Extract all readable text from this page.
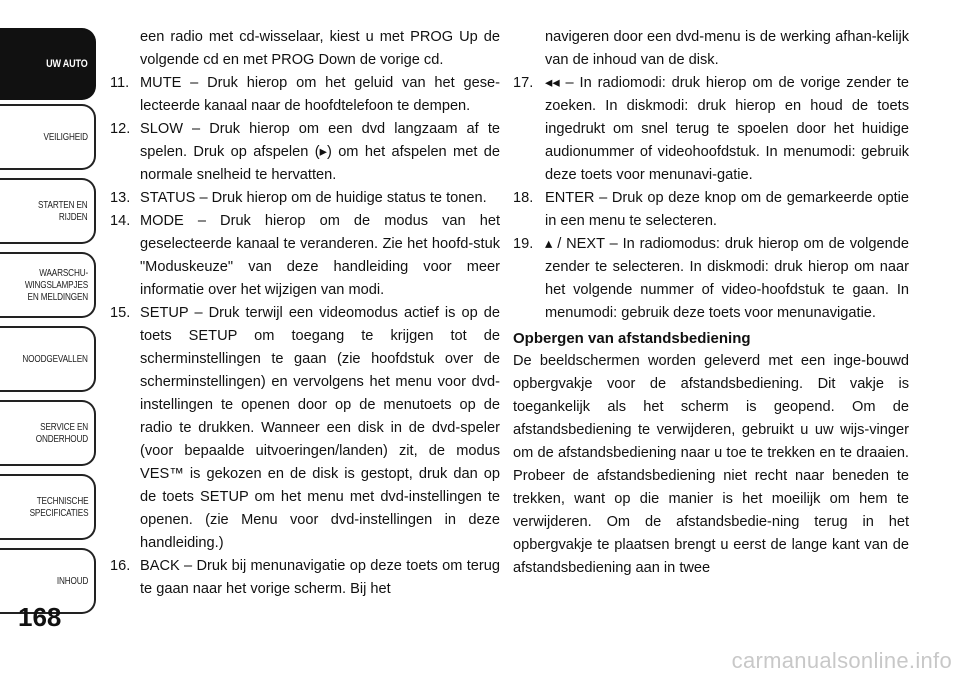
UW AUTO
VEILIGHEID
STARTEN EN
RIJDEN
WAARSCHU-
WINGSLAMPJES
EN MELDINGEN
NOODGEVALLEN
SERVICE EN
ONDERHOUD
TECHNISCHE
SPECIFICATIES
INHOUD
168

een radio met cd-wisselaar, kiest u met PROG Up de volgende cd en met PROG Down de vorige cd.

11. MUTE – Druk hierop om het geluid van het gese-lecteerde kanaal naar de hoofdtelefoon te dempen.
12. SLOW – Druk hierop om een dvd langzaam af te spelen. Druk op afspelen (▸) om het afspelen met de normale snelheid te hervatten.
13. STATUS – Druk hierop om de huidige status te tonen.
14. MODE – Druk hierop om de modus van het geselecteerde kanaal te veranderen. Zie het hoofd-stuk "Moduskeuze" van deze handleiding voor meer informatie over het wijzigen van modi.
15. SETUP – Druk terwijl een videomodus actief is op de toets SETUP om toegang te krijgen tot de scherminstellingen te gaan (zie hoofdstuk over de scherminstellingen) en vervolgens het menu voor dvd-instellingen te openen door op de menutoets op de radio te drukken. Wanneer een disk in de dvd-speler (voor bepaalde uitvoeringen/landen) zit, de modus VES™ is gekozen en de disk is gestopt, druk dan op de toets SETUP om het menu met dvd-instellingen te openen. (zie Menu voor dvd-instellingen in deze handleiding.)
16. BACK – Druk bij menunavigatie op deze toets om terug te gaan naar het vorige scherm. Bij het

navigeren door een dvd-menu is de werking afhan-kelijk van de inhoud van de disk.

17. ◂◂ – In radiomodi: druk hierop om de vorige zender te zoeken. In diskmodi: druk hierop en houd de toets ingedrukt om snel terug te spoelen door het huidige audionummer of videohoofdstuk. In menumodi: gebruik deze toets voor menunavi-gatie.
18. ENTER – Druk op deze knop om de gemarkeerde optie in een menu te selecteren.
19. ▴ / NEXT – In radiomodus: druk hierop om de volgende zender te selecteren. In diskmodi: druk hierop om naar het volgende nummer of video-hoofdstuk te gaan. In menumodi: gebruik deze toets voor menunavigatie.
Opbergen van afstandsbediening

De beeldschermen worden geleverd met een inge-bouwd opbergvakje voor de afstandsbediening. Dit vakje is toegankelijk als het scherm is geopend. Om de afstandsbediening te verwijderen, gebruikt u uw wijs-vinger om de afstandsbediening naar u toe te trekken en te draaien. Probeer de afstandsbediening niet recht naar beneden te trekken, want op die manier is het moeilijk om hem te verwijderen. Om de afstandsbedie-ning terug in het opbergvakje te plaatsen brengt u eerst de lange kant van de afstandsbediening aan in twee

carmanualsonline.info
